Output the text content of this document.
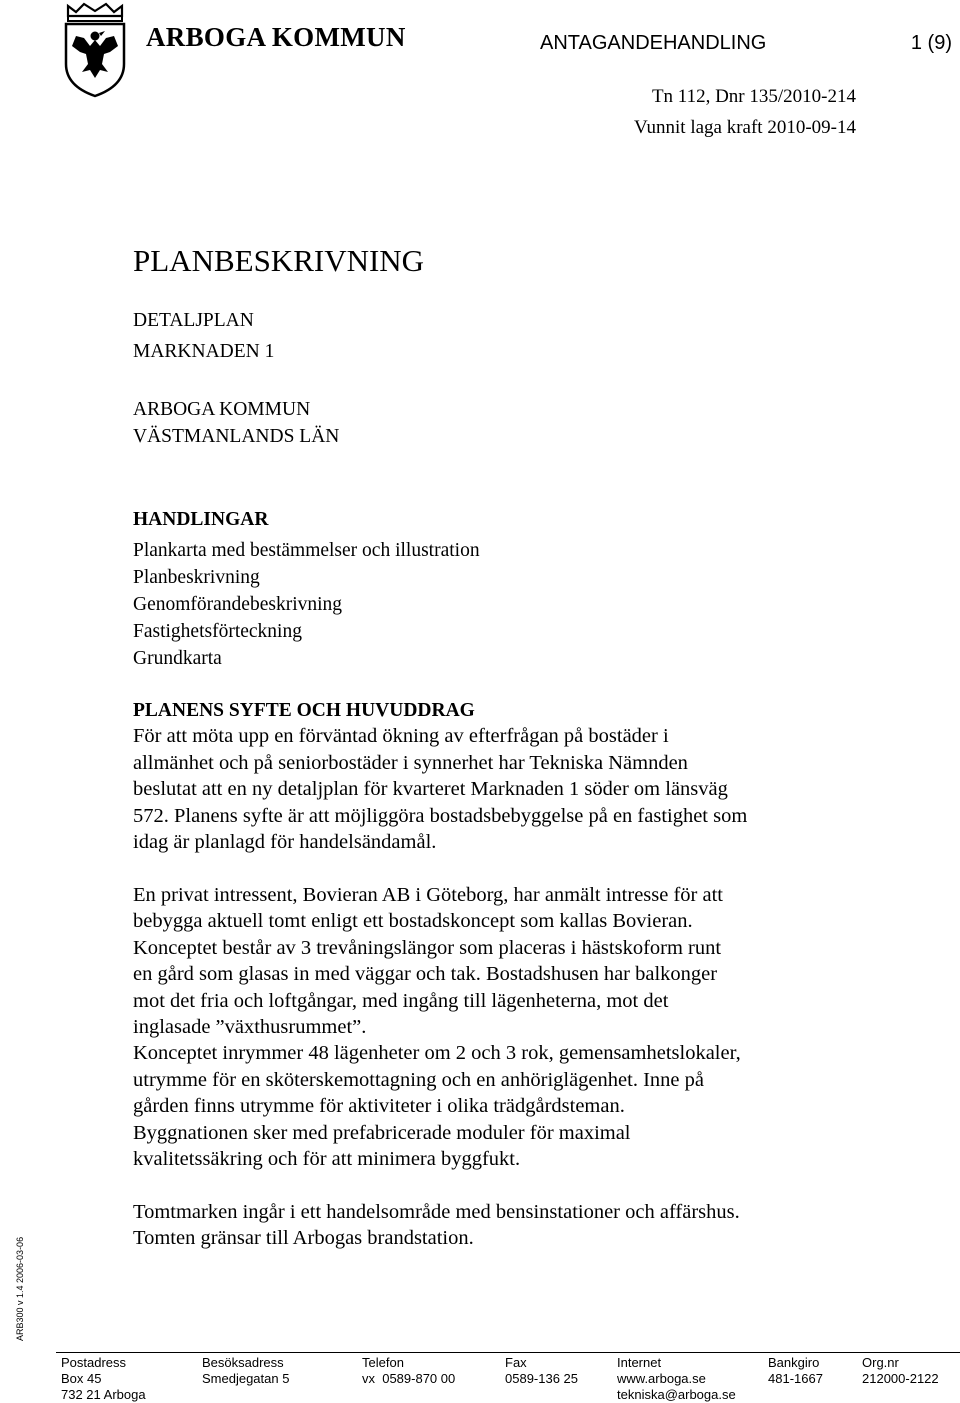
ARBOGA KOMMUN	ANTAGANDEHANDLING	1 (9)
Tn 112, Dnr 135/2010-214
Vunnit laga kraft 2010-09-14
PLANBESKRIVNING
DETALJPLAN
MARKNADEN 1
ARBOGA KOMMUN
VÄSTMANLANDS LÄN
HANDLINGAR
Plankarta med bestämmelser och illustration
Planbeskrivning
Genomförandebeskrivning
Fastighetsförteckning
Grundkarta
PLANENS SYFTE OCH HUVUDDRAG
För att möta upp en förväntad ökning av efterfrågan på bostäder i
allmänhet och på seniorbostäder i synnerhet har Tekniska Nämnden
beslutat att en ny detaljplan för kvarteret Marknaden 1 söder om länsväg
572. Planens syfte är att möjliggöra bostadsbebyggelse på en fastighet som
idag är planlagd för handelsändamål.
En privat intressent, Bovieran AB i Göteborg, har anmält intresse för att
bebygga aktuell tomt enligt ett bostadskoncept som kallas Bovieran.
Konceptet består av 3 trevåningslängor som placeras i hästskoform runt
en gård som glasas in med väggar och tak. Bostadshusen har balkonger
mot det fria och loftgångar, med ingång till lägenheterna, mot det
inglasade ”växthusrummet”.
Konceptet inrymmer 48 lägenheter om 2 och 3 rok, gemensamhetslokaler,
utrymme för en sköterskemottagning och en anhöriglägenhet. Inne på
gården finns utrymme för aktiviteter i olika trädgårdsteman.
Byggnationen sker med prefabricerade moduler för maximal
kvalitetssäkring och för att minimera byggfukt.
Tomtmarken ingår i ett handelsområde med bensinstationer och affärshus.
Tomten gränsar till Arbogas brandstation.
ARB300 v 1.4 2006-03-06
Postadress
Box 45
732 21 Arboga
Besöksadress
Smedjegatan 5
Telefon
vx  0589-870 00
Fax
0589-136 25
Internet
www.arboga.se
tekniska@arboga.se
Bankgiro
481-1667
Org.nr
212000-2122
